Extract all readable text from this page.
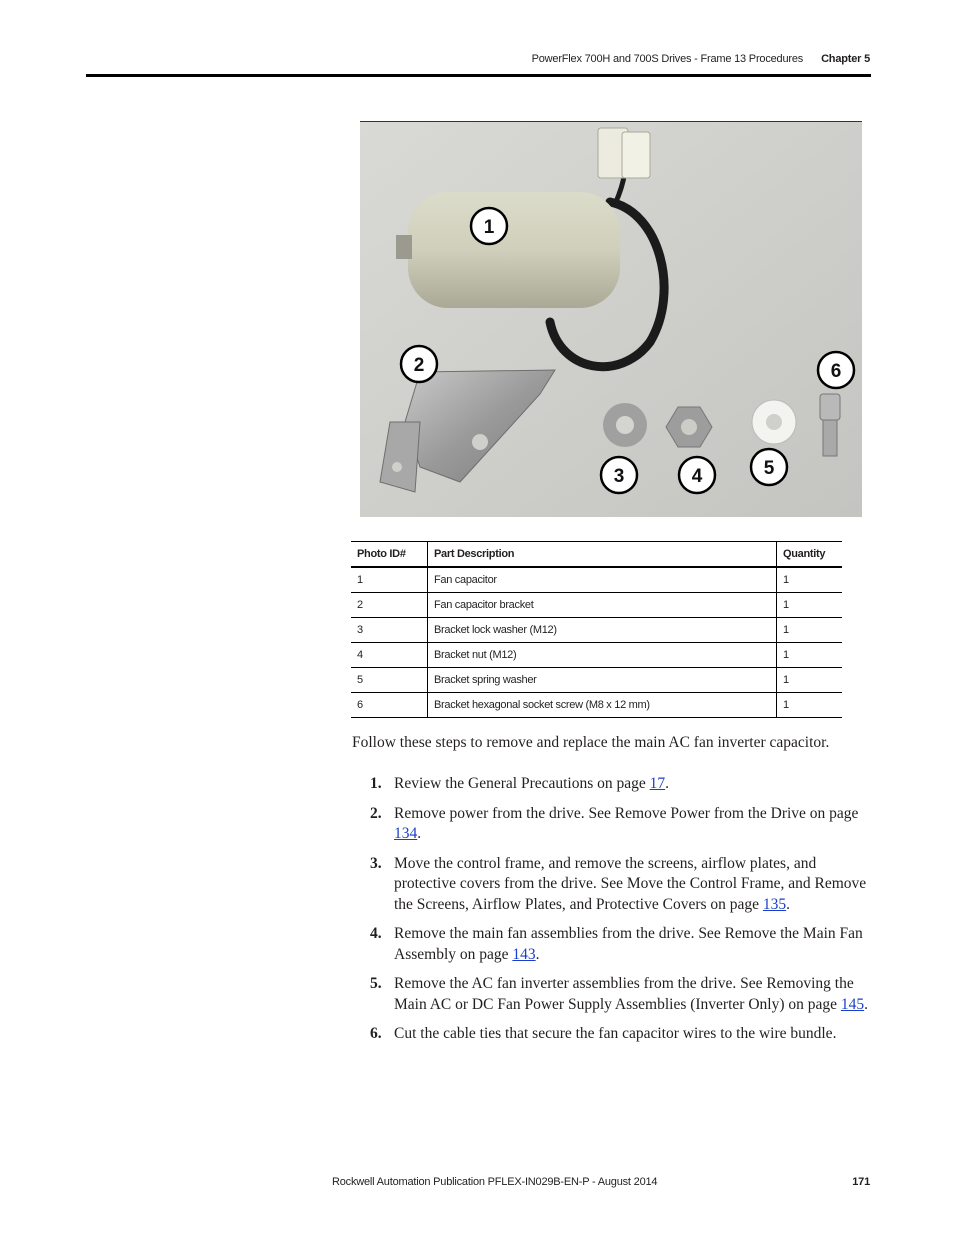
PowerFlex 700H and 700S Drives - Frame 13 Procedures Chapter 5
1
2
3	4	5
6
Photo ID#	Part Description	Quantity
1	Fan capacitor	1
2	Fan capacitor bracket	1
3	Bracket lock washer (M12)	1
4	Bracket nut (M12)	1
5	Bracket spring washer	1
6	Bracket hexagonal socket screw (M8 x 12 mm)	1
Follow these steps to remove and replace the main AC fan inverter capacitor.
1. Review the General Precautions on page 17.
2. Remove power from the drive. See Remove Power from the Drive on page 134.
3. Move the control frame, and remove the screens, airflow plates, and protective covers from the drive. See Move the Control Frame, and Remove the Screens, Airflow Plates, and Protective Covers on page 135.
4. Remove the main fan assemblies from the drive. See Remove the Main Fan Assembly on page 143.
5. Remove the AC fan inverter assemblies from the drive. See Removing the Main AC or DC Fan Power Supply Assemblies (Inverter Only) on page 145.
6. Cut the cable ties that secure the fan capacitor wires to the wire bundle.
Rockwell Automation Publication PFLEX-IN029B-EN-P - August 2014	171
